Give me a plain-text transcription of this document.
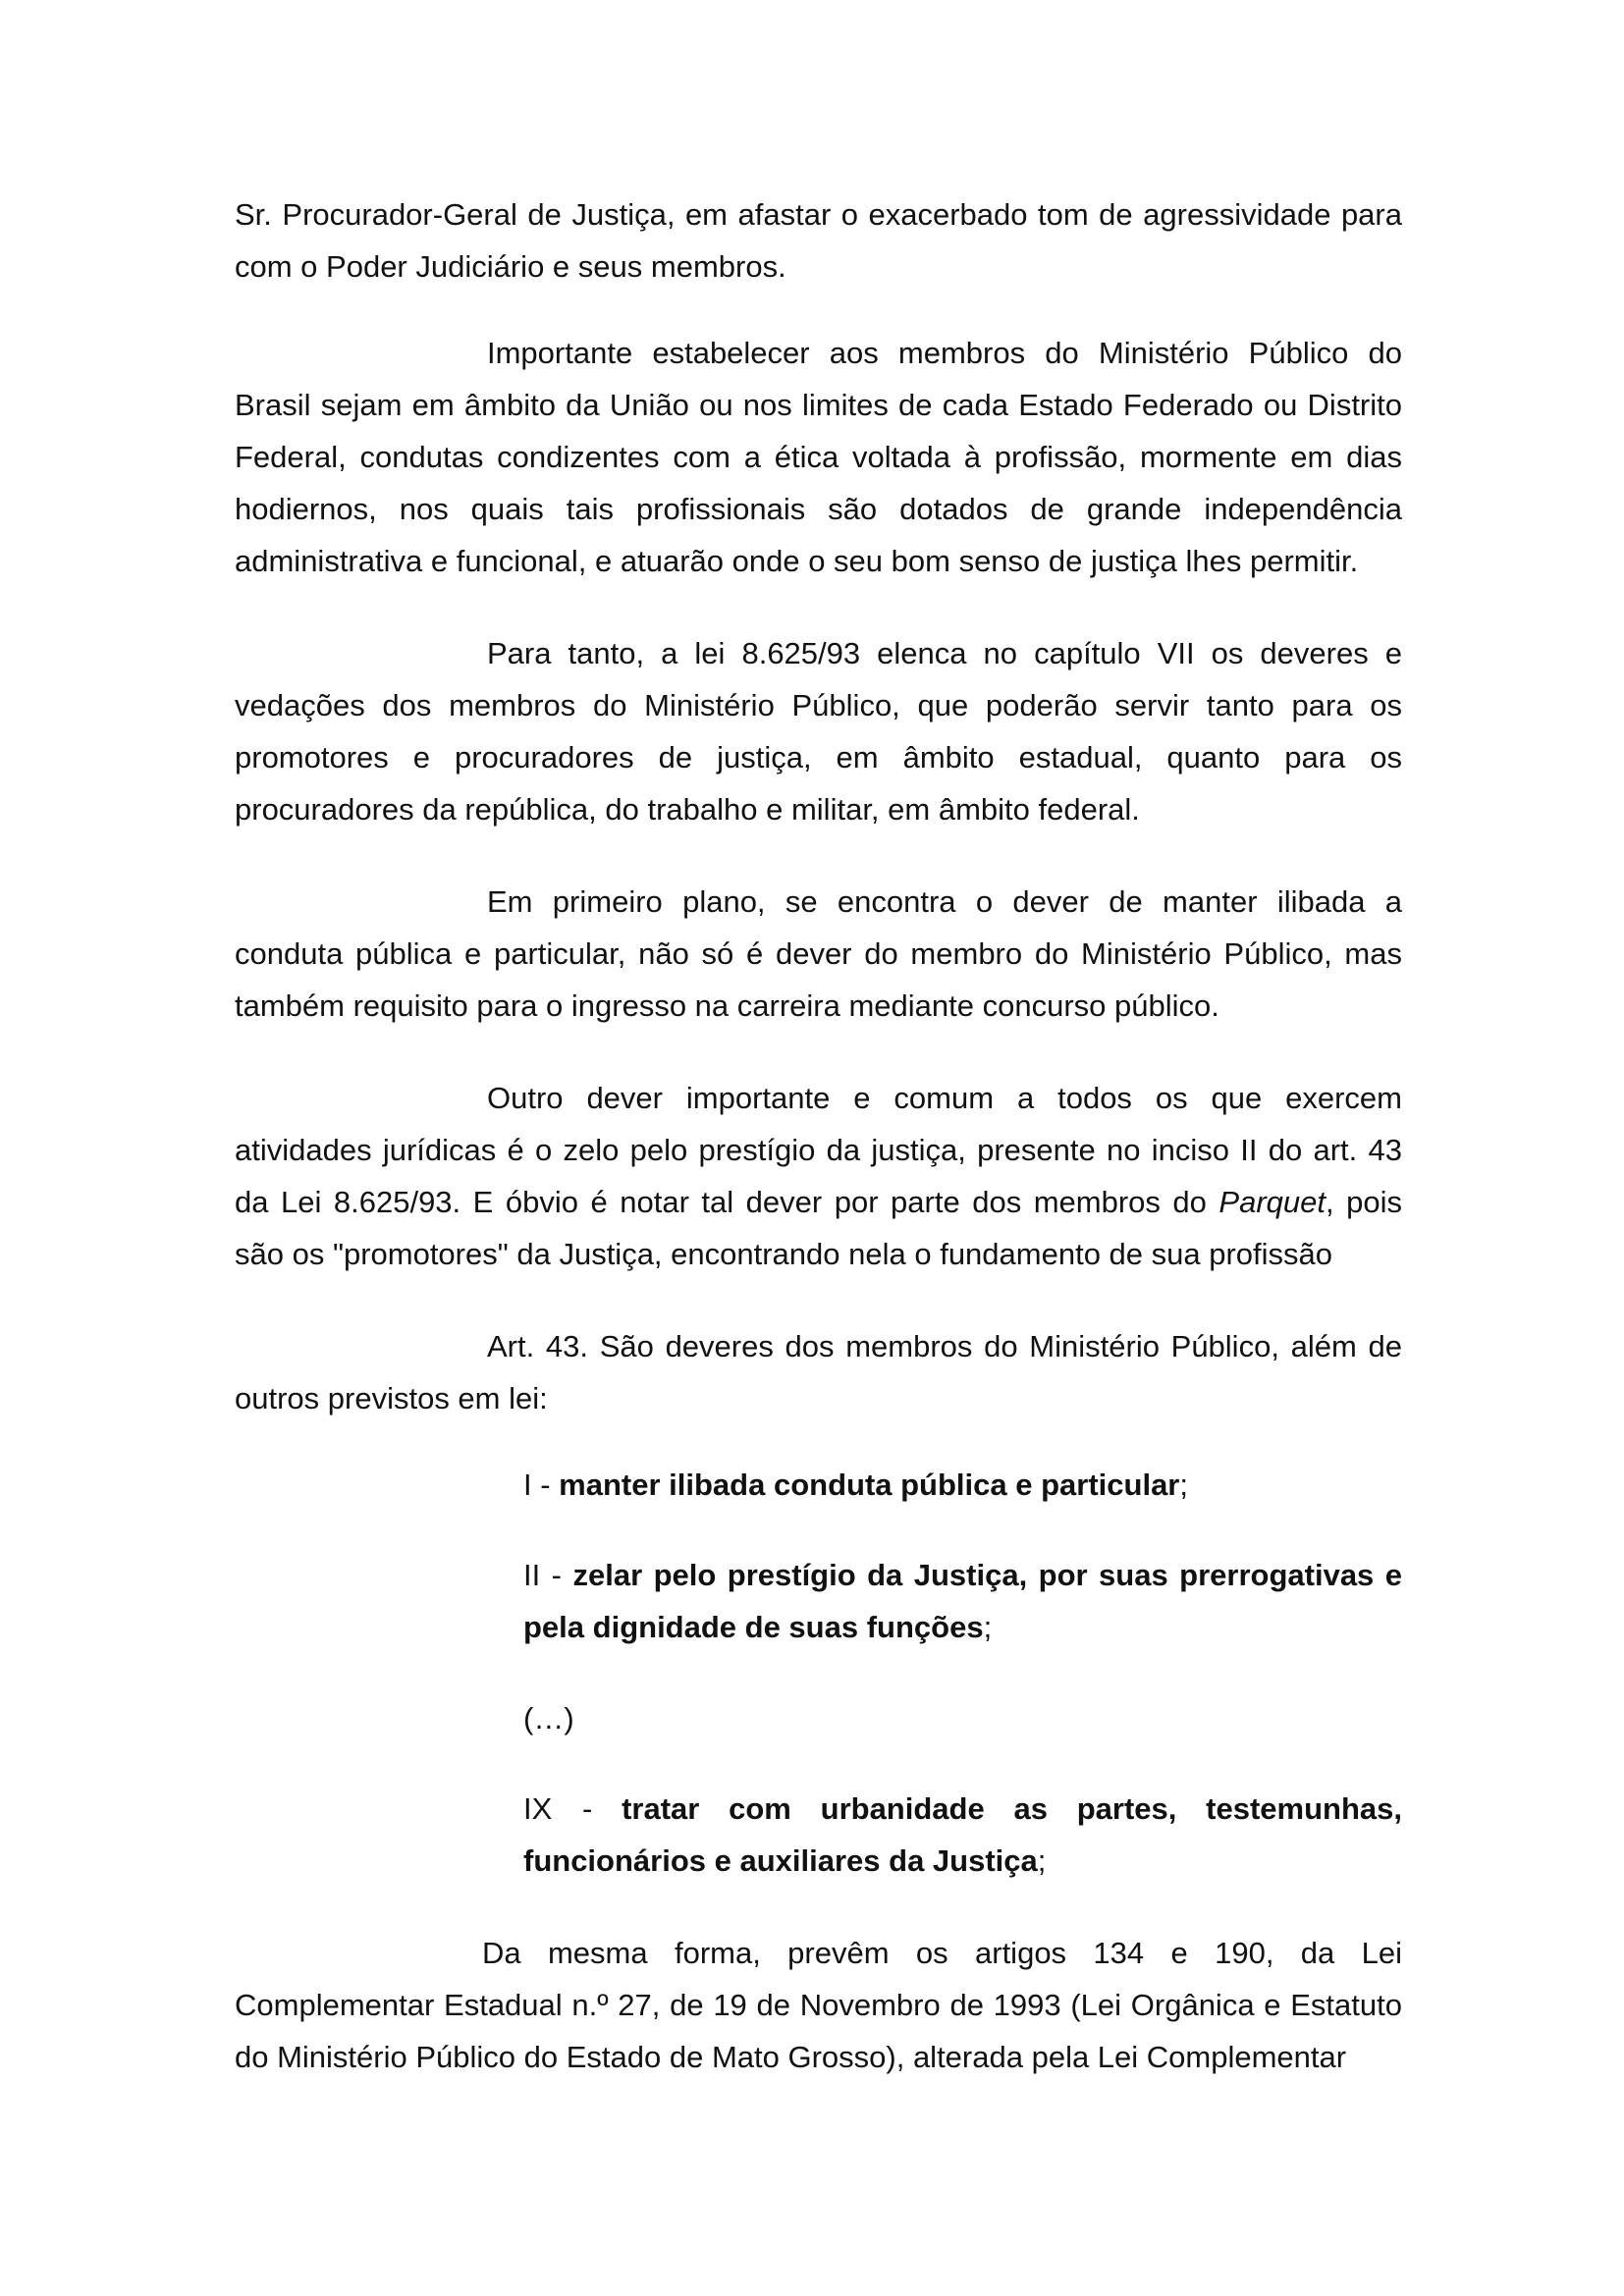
Sr. Procurador-Geral de Justiça, em afastar o exacerbado tom de agressividade para com o Poder Judiciário e seus membros.

Importante estabelecer aos membros do Ministério Público do Brasil sejam em âmbito da União ou nos limites de cada Estado Federado ou Distrito Federal, condutas condizentes com a ética voltada à profissão, mormente em dias hodiernos, nos quais tais profissionais são dotados de grande independência administrativa e funcional, e atuarão onde o seu bom senso de justiça lhes permitir.

Para tanto, a lei 8.625/93 elenca no capítulo VII os deveres e vedações dos membros do Ministério Público, que poderão servir tanto para os promotores e procuradores de justiça, em âmbito estadual, quanto para os procuradores da república, do trabalho e militar, em âmbito federal.

Em primeiro plano, se encontra o dever de manter ilibada a conduta pública e particular, não só é dever do membro do Ministério Público, mas também requisito para o ingresso na carreira mediante concurso público.

Outro dever importante e comum a todos os que exercem atividades jurídicas é o zelo pelo prestígio da justiça, presente no inciso II do art. 43 da Lei 8.625/93. E óbvio é notar tal dever por parte dos membros do Parquet, pois são os "promotores" da Justiça, encontrando nela o fundamento de sua profissão

Art. 43. São deveres dos membros do Ministério Público, além de outros previstos em lei:

I - manter ilibada conduta pública e particular;

II - zelar pelo prestígio da Justiça, por suas prerrogativas e pela dignidade de suas funções;

(…)

IX - tratar com urbanidade as partes, testemunhas, funcionários e auxiliares da Justiça;

Da mesma forma, prevêm os artigos 134 e 190, da Lei Complementar Estadual n.º 27, de 19 de Novembro de 1993 (Lei Orgânica e Estatuto do Ministério Público do Estado de Mato Grosso), alterada pela Lei Complementar
